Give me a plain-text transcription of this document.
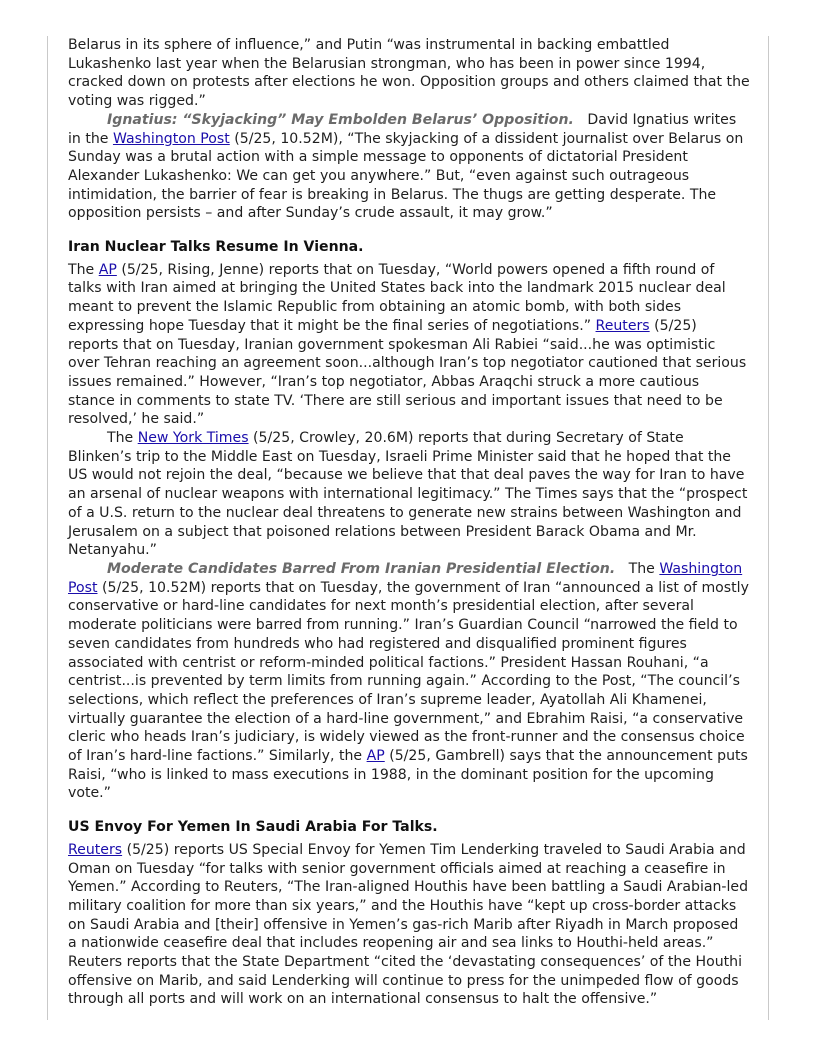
Belarus in its sphere of influence,” and Putin “was instrumental in backing embattled Lukashenko last year when the Belarusian strongman, who has been in power since 1994, cracked down on protests after elections he won. Opposition groups and others claimed that the voting was rigged.”

Ignatius: “Skyjacking” May Embolden Belarus’ Opposition. David Ignatius writes in the Washington Post (5/25, 10.52M), “The skyjacking of a dissident journalist over Belarus on Sunday was a brutal action with a simple message to opponents of dictatorial President Alexander Lukashenko: We can get you anywhere.” But, “even against such outrageous intimidation, the barrier of fear is breaking in Belarus. The thugs are getting desperate. The opposition persists – and after Sunday’s crude assault, it may grow.”

Iran Nuclear Talks Resume In Vienna.

The AP (5/25, Rising, Jenne) reports that on Tuesday, “World powers opened a fifth round of talks with Iran aimed at bringing the United States back into the landmark 2015 nuclear deal meant to prevent the Islamic Republic from obtaining an atomic bomb, with both sides expressing hope Tuesday that it might be the final series of negotiations.” Reuters (5/25) reports that on Tuesday, Iranian government spokesman Ali Rabiei “said...he was optimistic over Tehran reaching an agreement soon...although Iran’s top negotiator cautioned that serious issues remained.” However, “Iran’s top negotiator, Abbas Araqchi struck a more cautious stance in comments to state TV. ‘There are still serious and important issues that need to be resolved,’ he said.”

The New York Times (5/25, Crowley, 20.6M) reports that during Secretary of State Blinken’s trip to the Middle East on Tuesday, Israeli Prime Minister said that he hoped that the US would not rejoin the deal, “because we believe that that deal paves the way for Iran to have an arsenal of nuclear weapons with international legitimacy.” The Times says that the “prospect of a U.S. return to the nuclear deal threatens to generate new strains between Washington and Jerusalem on a subject that poisoned relations between President Barack Obama and Mr. Netanyahu.”

Moderate Candidates Barred From Iranian Presidential Election. The Washington Post (5/25, 10.52M) reports that on Tuesday, the government of Iran “announced a list of mostly conservative or hard-line candidates for next month’s presidential election, after several moderate politicians were barred from running.” Iran’s Guardian Council “narrowed the field to seven candidates from hundreds who had registered and disqualified prominent figures associated with centrist or reform-minded political factions.” President Hassan Rouhani, “a centrist...is prevented by term limits from running again.” According to the Post, “The council’s selections, which reflect the preferences of Iran’s supreme leader, Ayatollah Ali Khamenei, virtually guarantee the election of a hard-line government,” and Ebrahim Raisi, “a conservative cleric who heads Iran’s judiciary, is widely viewed as the front-runner and the consensus choice of Iran’s hard-line factions.” Similarly, the AP (5/25, Gambrell) says that the announcement puts Raisi, “who is linked to mass executions in 1988, in the dominant position for the upcoming vote.”

US Envoy For Yemen In Saudi Arabia For Talks.

Reuters (5/25) reports US Special Envoy for Yemen Tim Lenderking traveled to Saudi Arabia and Oman on Tuesday “for talks with senior government officials aimed at reaching a ceasefire in Yemen.” According to Reuters, “The Iran-aligned Houthis have been battling a Saudi Arabian-led military coalition for more than six years,” and the Houthis have “kept up cross-border attacks on Saudi Arabia and [their] offensive in Yemen’s gas-rich Marib after Riyadh in March proposed a nationwide ceasefire deal that includes reopening air and sea links to Houthi-held areas.” Reuters reports that the State Department “cited the ‘devastating consequences’ of the Houthi offensive on Marib, and said Lenderking will continue to press for the unimpeded flow of goods through all ports and will work on an international consensus to halt the offensive.”
